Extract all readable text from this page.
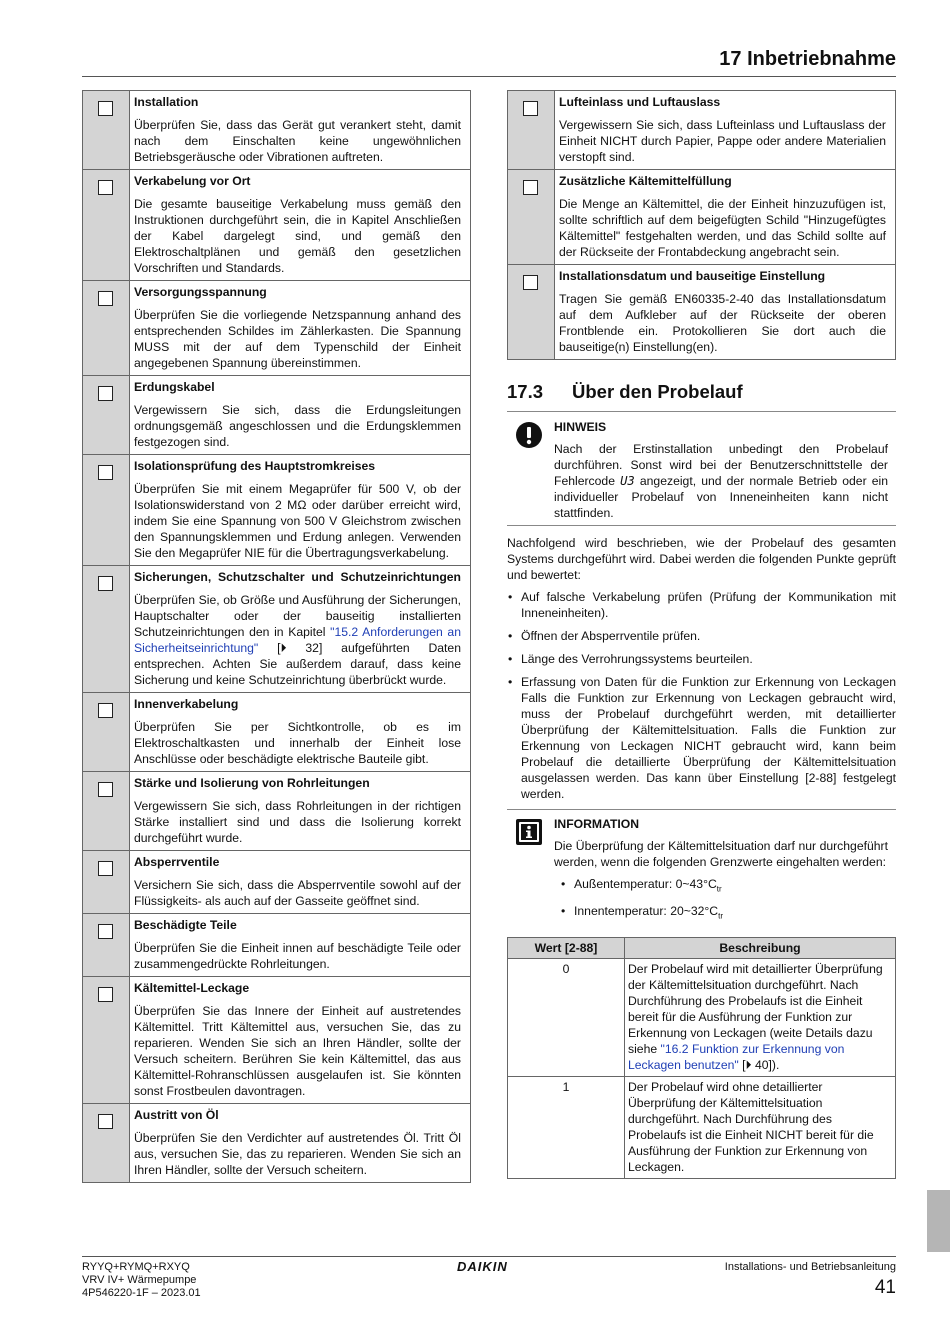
17 Inbetriebnahme

	Installation
Überprüfen Sie, dass das Gerät gut verankert steht, damit nach dem Einschalten keine ungewöhnlichen Betriebsgeräusche oder Vibrationen auftreten.

	Verkabelung vor Ort
Die gesamte bauseitige Verkabelung muss gemäß den Instruktionen durchgeführt sein, die in Kapitel Anschließen der Kabel dargelegt sind, und gemäß den Elektroschaltplänen und gemäß den gesetzlichen Vorschriften und Standards.

	Versorgungsspannung
Überprüfen Sie die vorliegende Netzspannung anhand des entsprechenden Schildes im Zählerkasten. Die Spannung MUSS mit der auf dem Typenschild der Einheit angegebenen Spannung übereinstimmen.

	Erdungskabel
Vergewissern Sie sich, dass die Erdungsleitungen ordnungsgemäß angeschlossen und die Erdungsklemmen festgezogen sind.

	Isolationsprüfung des Hauptstromkreises
Überprüfen Sie mit einem Megaprüfer für 500 V, ob der Isolationswiderstand von 2 MΩ oder darüber erreicht wird, indem Sie eine Spannung von 500 V Gleichstrom zwischen den Spannungsklemmen und Erdung anlegen. Verwenden Sie den Megaprüfer NIE für die Übertragungsverkabelung.

	Sicherungen, Schutzschalter und Schutzeinrichtungen
Überprüfen Sie, ob Größe und Ausführung der Sicherungen, Hauptschalter oder der bauseitig installierten Schutzeinrichtungen den in Kapitel "15.2 Anforderungen an Sicherheitseinrichtung" [⏵ 32] aufgeführten Daten entsprechen. Achten Sie außerdem darauf, dass keine Sicherung und keine Schutzeinrichtung überbrückt wurde.

	Innenverkabelung
Überprüfen Sie per Sichtkontrolle, ob es im Elektroschaltkasten und innerhalb der Einheit lose Anschlüsse oder beschädigte elektrische Bauteile gibt.

	Stärke und Isolierung von Rohrleitungen
Vergewissern Sie sich, dass Rohrleitungen in der richtigen Stärke installiert sind und dass die Isolierung korrekt durchgeführt wurde.

	Absperrventile
Versichern Sie sich, dass die Absperrventile sowohl auf der Flüssigkeits- als auch auf der Gasseite geöffnet sind.

	Beschädigte Teile
Überprüfen Sie die Einheit innen auf beschädigte Teile oder zusammengedrückte Rohrleitungen.

	Kältemittel-Leckage
Überprüfen Sie das Innere der Einheit auf austretendes Kältemittel. Tritt Kältemittel aus, versuchen Sie, das zu reparieren. Wenden Sie sich an Ihren Händler, sollte der Versuch scheitern. Berühren Sie kein Kältemittel, das aus Kältemittel-Rohranschlüssen ausgelaufen ist. Sie könnten sonst Frostbeulen davontragen.

	Austritt von Öl
Überprüfen Sie den Verdichter auf austretendes Öl. Tritt Öl aus, versuchen Sie, das zu reparieren. Wenden Sie sich an Ihren Händler, sollte der Versuch scheitern.

	Lufteinlass und Luftauslass
Vergewissern Sie sich, dass Lufteinlass und Luftauslass der Einheit NICHT durch Papier, Pappe oder andere Materialien verstopft sind.

	Zusätzliche Kältemittelfüllung
Die Menge an Kältemittel, die der Einheit hinzuzufügen ist, sollte schriftlich auf dem beigefügten Schild "Hinzugefügtes Kältemittel" festgehalten werden, und das Schild sollte auf der Rückseite der Frontabdeckung angebracht sein.

	Installationsdatum und bauseitige Einstellung
Tragen Sie gemäß EN60335-2-40 das Installationsdatum auf dem Aufkleber auf der Rückseite der oberen Frontblende ein. Protokollieren Sie dort auch die bauseitige(n) Einstellung(en).
17.3 Über den Probelauf
HINWEIS
Nach der Erstinstallation unbedingt den Probelauf durchführen. Sonst wird bei der Benutzerschnittstelle der Fehlercode U3 angezeigt, und der normale Betrieb oder ein individueller Probelauf von Inneneinheiten kann nicht stattfinden.

Nachfolgend wird beschrieben, wie der Probelauf des gesamten Systems durchgeführt wird. Dabei werden die folgenden Punkte geprüft und bewertet:

• Auf falsche Verkabelung prüfen (Prüfung der Kommunikation mit Inneneinheiten).
• Öffnen der Absperrventile prüfen.
• Länge des Verrohrungssystems beurteilen.
• Erfassung von Daten für die Funktion zur Erkennung von Leckagen Falls die Funktion zur Erkennung von Leckagen gebraucht wird, muss der Probelauf durchgeführt werden, mit detaillierter Überprüfung der Kältemittelsituation. Falls die Funktion zur Erkennung von Leckagen NICHT gebraucht wird, kann beim Probelauf die detaillierte Überprüfung der Kältemittelsituation ausgelassen werden. Das kann über Einstellung [2-88] festgelegt werden.
INFORMATION
Die Überprüfung der Kältemittelsituation darf nur durchgeführt werden, wenn die folgenden Grenzwerte eingehalten werden:
• Außentemperatur: $0\sim 43^\circ C_{tr}$
• Innentemperatur: $20\sim 32^\circ C_{tr}$
Wert [2-88]	Beschreibung
0	Der Probelauf wird mit detaillierter Überprüfung der Kältemittelsituation durchgeführt. Nach Durchführung des Probelaufs ist die Einheit bereit für die Ausführung der Funktion zur Erkennung von Leckagen (weite Details dazu siehe "16.2 Funktion zur Erkennung von Leckagen benutzen" [⏵ 40]).
1	Der Probelauf wird ohne detaillierter Überprüfung der Kältemittelsituation durchgeführt. Nach Durchführung des Probelaufs ist die Einheit NICHT bereit für die Ausführung der Funktion zur Erkennung von Leckagen.
RYYQ+RYMQ+RXYQ
VRV IV+ Wärmepumpe
4P546220-1F – 2023.01
DAIKIN	Installations- und Betriebsanleitung
41
